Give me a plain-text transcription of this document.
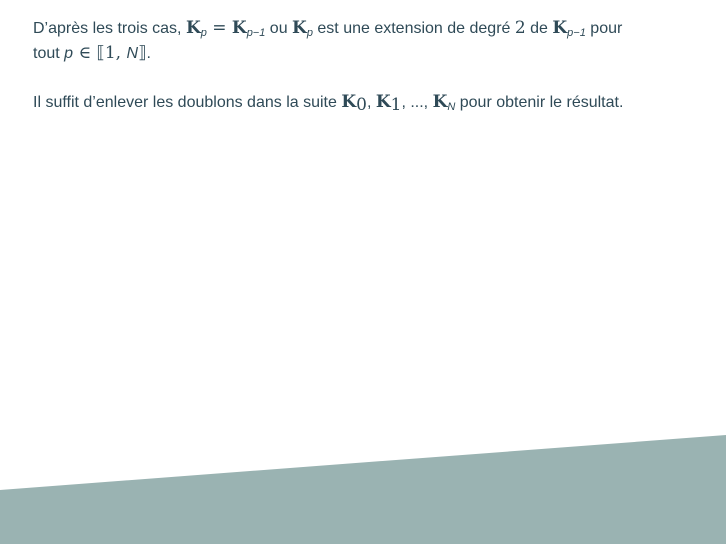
D’après les trois cas, $K_p = K_{p-1}$ ou $K_p$ est une extension de degré 2 de $K_{p-1}$ pour
tout p ∈ ⟦1, N⟧.

Il suffit d’enlever les doublons dans la suite $K_0$, $K_1$, ..., $K_N$ pour obtenir le résultat.
